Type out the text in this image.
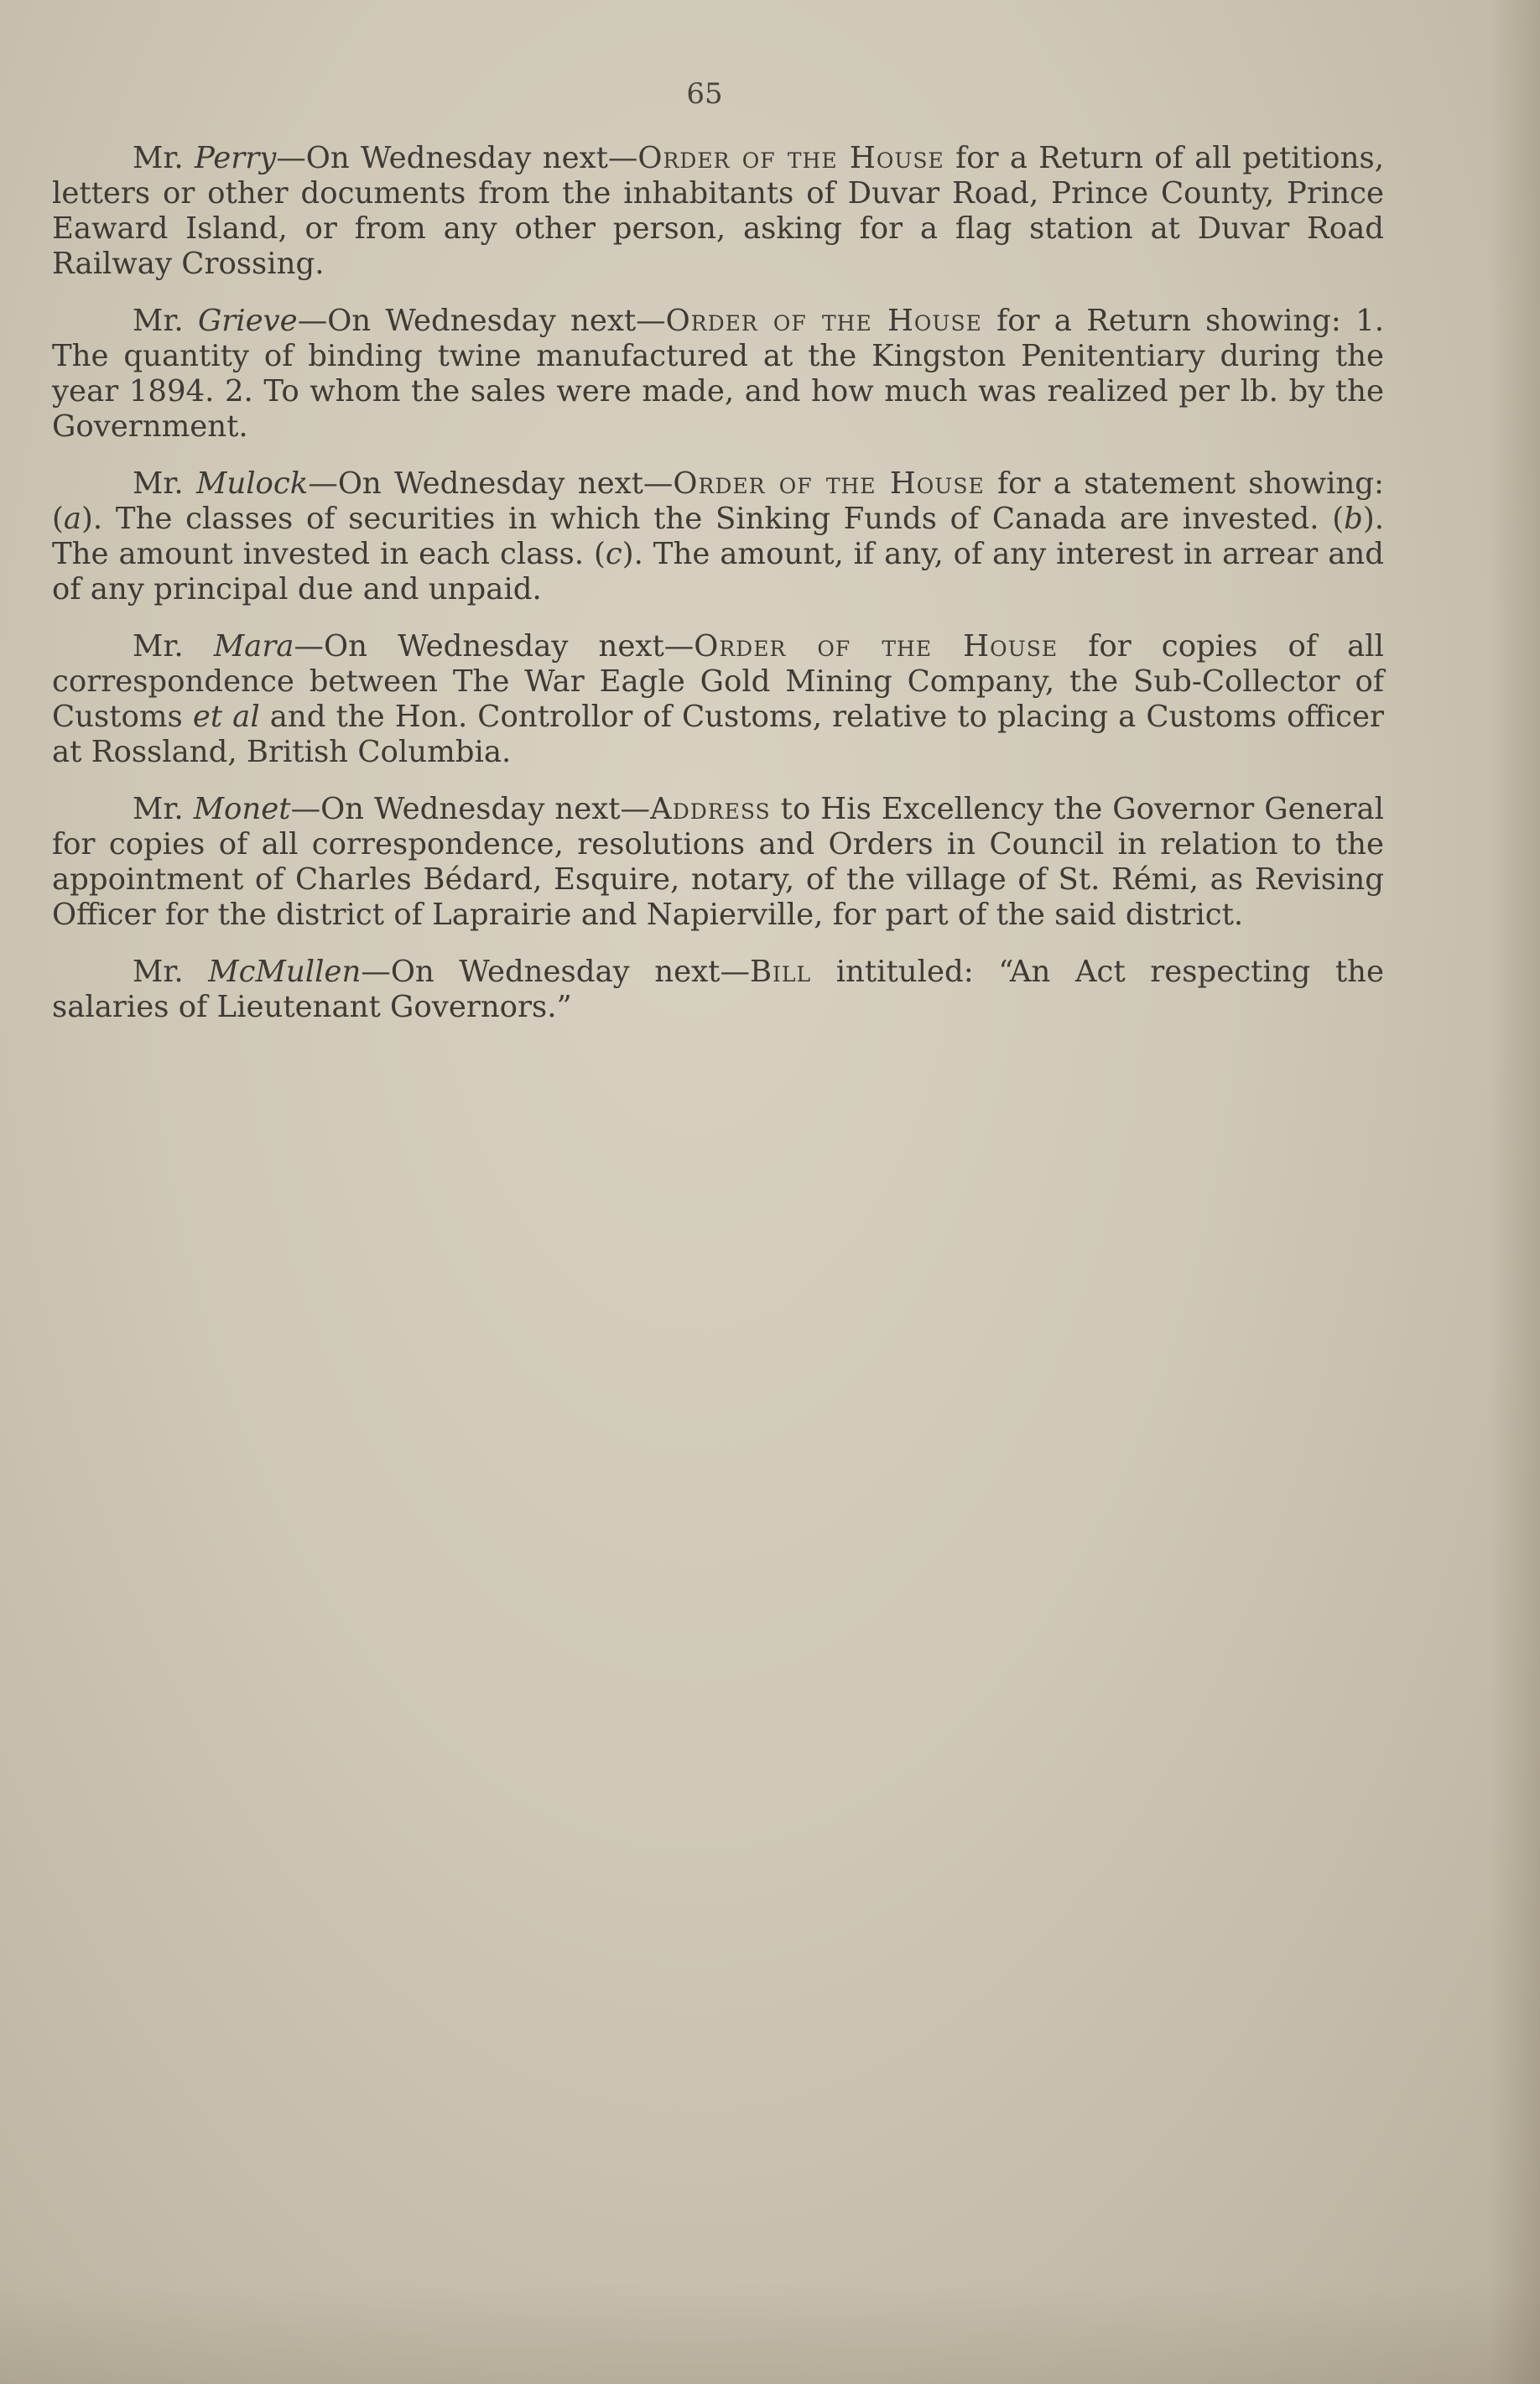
65

Mr. Perry—On Wednesday next—Order of the House for a Return of all petitions, letters or other documents from the inhabitants of Duvar Road, Prince County, Prince Eaward Island, or from any other person, asking for a flag station at Duvar Road Railway Crossing.

Mr. Grieve—On Wednesday next—Order of the House for a Return showing: 1. The quantity of binding twine manufactured at the Kingston Penitentiary during the year 1894. 2. To whom the sales were made, and how much was realized per lb. by the Government.

Mr. Mulock—On Wednesday next—Order of the House for a statement showing: (a). The classes of securities in which the Sinking Funds of Canada are invested. (b). The amount invested in each class. (c). The amount, if any, of any interest in arrear and of any principal due and unpaid.

Mr. Mara—On Wednesday next—Order of the House for copies of all correspondence between The War Eagle Gold Mining Company, the Sub-Collector of Customs et al and the Hon. Controllor of Customs, relative to placing a Customs officer at Rossland, British Columbia.

Mr. Monet—On Wednesday next—Address to His Excellency the Governor General for copies of all correspondence, resolutions and Orders in Council in relation to the appointment of Charles Bédard, Esquire, notary, of the village of St. Rémi, as Revising Officer for the district of Laprairie and Napierville, for part of the said district.

Mr. McMullen—On Wednesday next—Bill intituled: “An Act respecting the salaries of Lieutenant Governors.”
